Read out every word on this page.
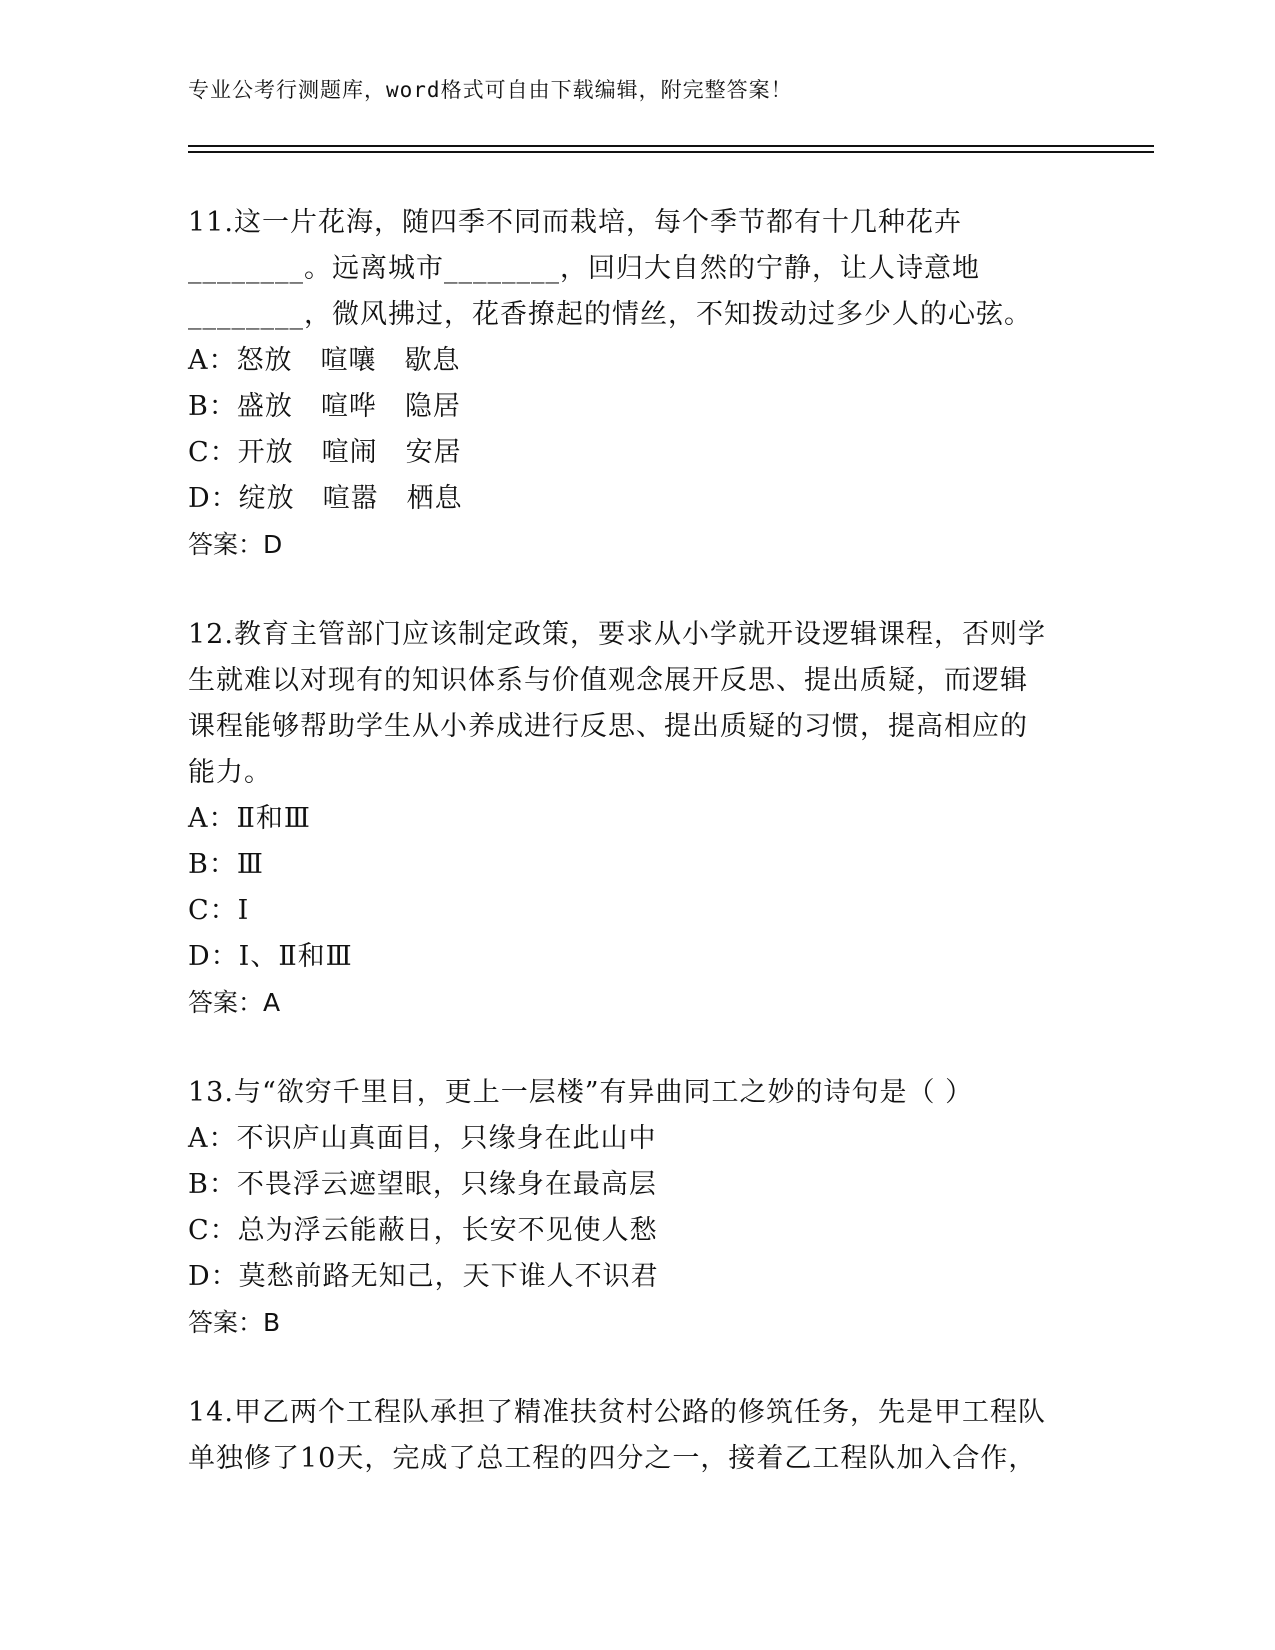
专业公考行测题库，word格式可自由下载编辑，附完整答案！
11.这一片花海，随四季不同而栽培，每个季节都有十几种花卉
________。远离城市________，回归大自然的宁静，让人诗意地
________，微风拂过，花香撩起的情丝，不知拨动过多少人的心弦。
A：怒放　喧嚷　歇息
B：盛放　喧哗　隐居
C：开放　喧闹　安居
D：绽放　喧嚣　栖息
答案：D
12.教育主管部门应该制定政策，要求从小学就开设逻辑课程，否则学
生就难以对现有的知识体系与价值观念展开反思、提出质疑，而逻辑
课程能够帮助学生从小养成进行反思、提出质疑的习惯，提高相应的
能力。
A：Ⅱ和Ⅲ
B：Ⅲ
C：Ⅰ
D：Ⅰ、Ⅱ和Ⅲ
答案：A
13.与“欲穷千里目，更上一层楼”有异曲同工之妙的诗句是（ ）
A：不识庐山真面目，只缘身在此山中
B：不畏浮云遮望眼，只缘身在最高层
C：总为浮云能蔽日，长安不见使人愁
D：莫愁前路无知己，天下谁人不识君
答案：B
14.甲乙两个工程队承担了精准扶贫村公路的修筑任务，先是甲工程队
单独修了10天，完成了总工程的四分之一，接着乙工程队加入合作，
